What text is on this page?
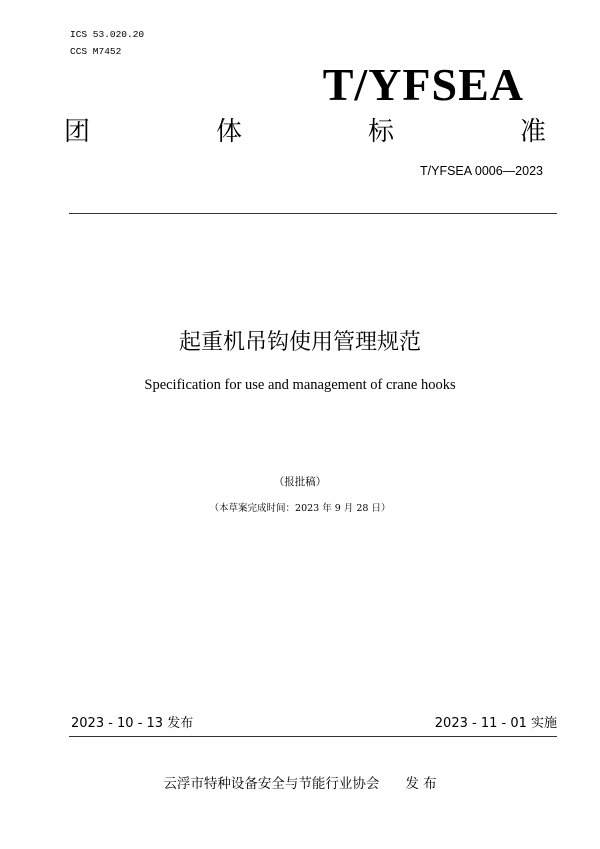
ICS 53.020.20
CCS M7452
T/YFSEA
团	体	标	准
T/YFSEA 0006—2023
起重机吊钩使用管理规范
Specification for use and management of crane hooks
（报批稿）
（本草案完成时间：2023 年 9 月 28 日）
2023 - 10 - 13 发布	2023 - 11 - 01 实施
云浮市特种设备安全与节能行业协会 发 布
